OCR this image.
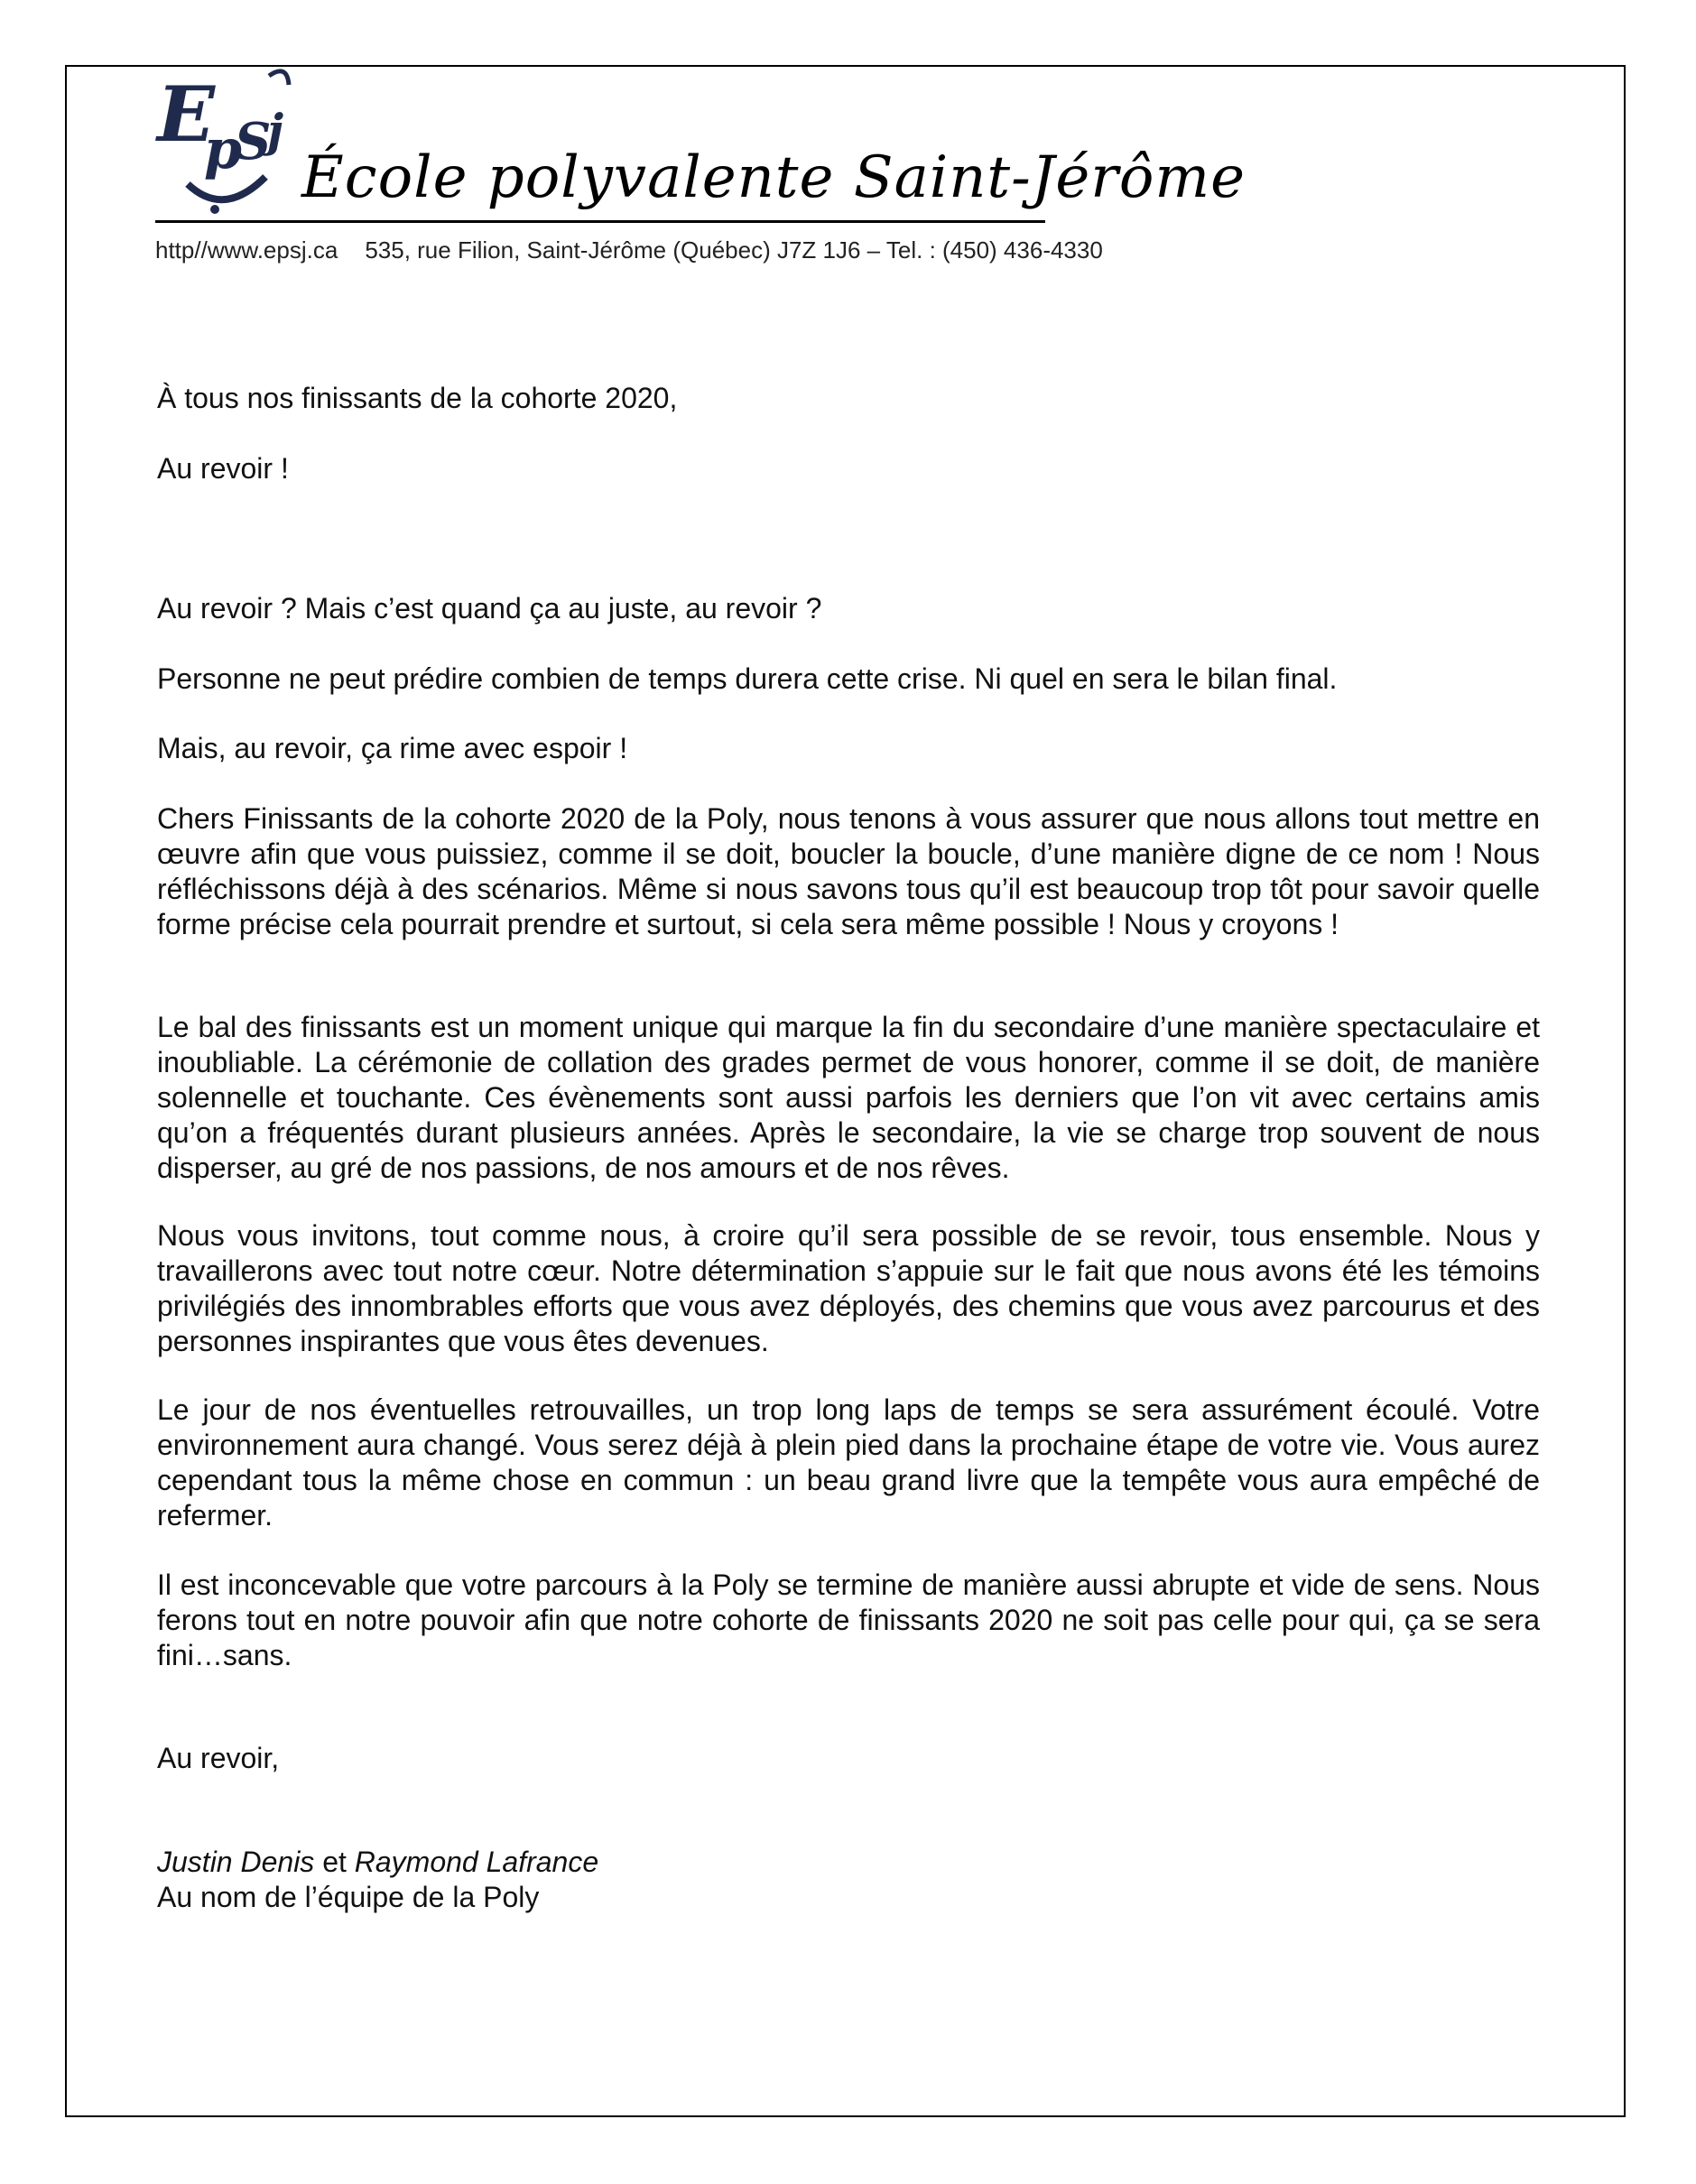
E
p
S
j
École polyvalente Saint-Jérôme
http//www.epsj.ca 535, rue Filion, Saint-Jérôme (Québec) J7Z 1J6 – Tel. : (450) 436-4330

À tous nos finissants de la cohorte 2020,

Au revoir !

Au revoir ? Mais c’est quand ça au juste, au revoir ?

Personne ne peut prédire combien de temps durera cette crise. Ni quel en sera le bilan final.

Mais, au revoir, ça rime avec espoir !

Chers Finissants de la cohorte 2020 de la Poly, nous tenons à vous assurer que nous allons tout mettre en œuvre afin que vous puissiez, comme il se doit, boucler la boucle, d’une manière digne de ce nom ! Nous réfléchissons déjà à des scénarios. Même si nous savons tous qu’il est beaucoup trop tôt pour savoir quelle forme précise cela pourrait prendre et surtout, si cela sera même possible ! Nous y croyons !

Le bal des finissants est un moment unique qui marque la fin du secondaire d’une manière spectaculaire et inoubliable. La cérémonie de collation des grades permet de vous honorer, comme il se doit, de manière solennelle et touchante. Ces évènements sont aussi parfois les derniers que l’on vit avec certains amis qu’on a fréquentés durant plusieurs années. Après le secondaire, la vie se charge trop souvent de nous disperser, au gré de nos passions, de nos amours et de nos rêves.

Nous vous invitons, tout comme nous, à croire qu’il sera possible de se revoir, tous ensemble. Nous y travaillerons avec tout notre cœur. Notre détermination s’appuie sur le fait que nous avons été les témoins privilégiés des innombrables efforts que vous avez déployés, des chemins que vous avez parcourus et des personnes inspirantes que vous êtes devenues.

Le jour de nos éventuelles retrouvailles, un trop long laps de temps se sera assurément écoulé. Votre environnement aura changé. Vous serez déjà à plein pied dans la prochaine étape de votre vie. Vous aurez cependant tous la même chose en commun : un beau grand livre que la tempête vous aura empêché de refermer.

Il est inconcevable que votre parcours à la Poly se termine de manière aussi abrupte et vide de sens. Nous ferons tout en notre pouvoir afin que notre cohorte de finissants 2020 ne soit pas celle pour qui, ça se sera fini…sans.

Au revoir,

Justin Denis et Raymond Lafrance

Au nom de l’équipe de la Poly
